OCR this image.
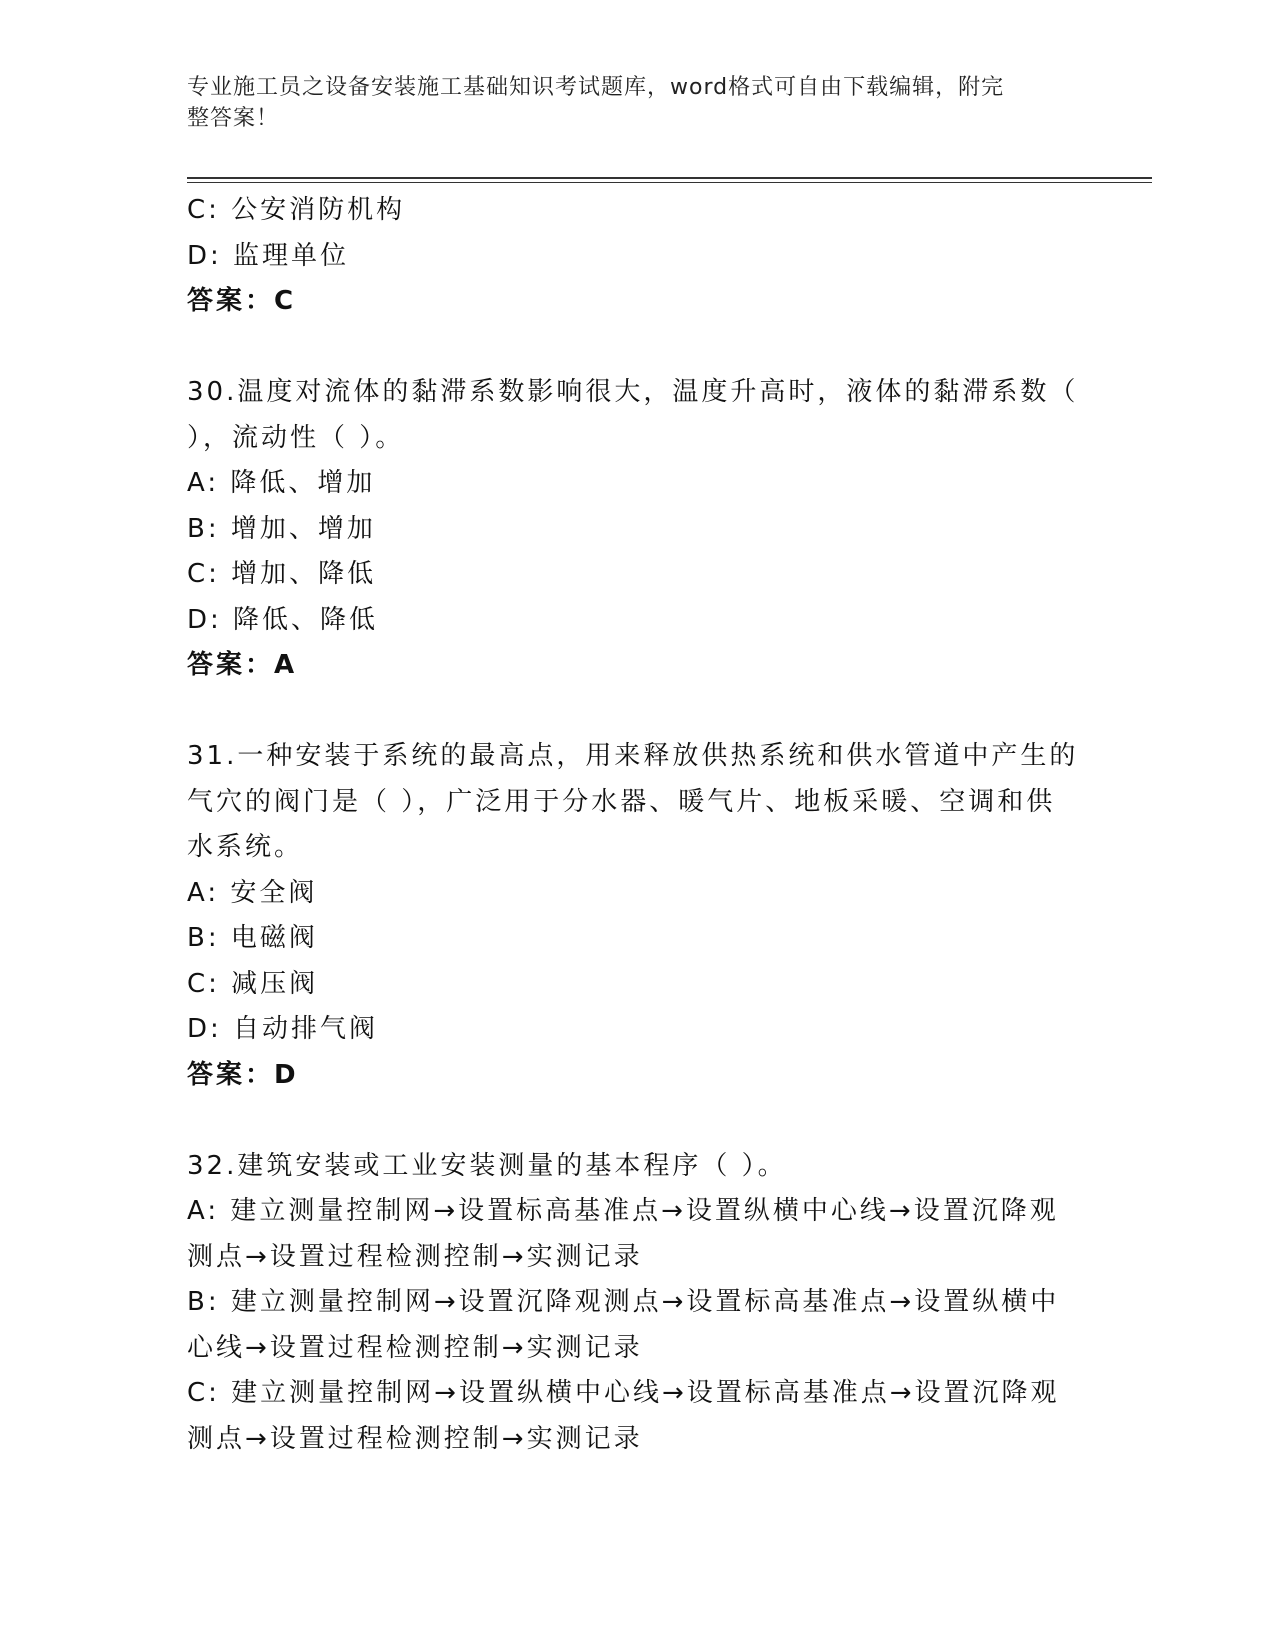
专业施工员之设备安装施工基础知识考试题库，word格式可自由下载编辑，附完
整答案！
C: 公安消防机构
D: 监理单位
答案：C
30.温度对流体的黏滞系数影响很大，温度升高时，液体的黏滞系数（
），流动性（ ）。
A: 降低、增加
B: 增加、增加
C: 增加、降低
D: 降低、降低
答案：A
31.一种安装于系统的最高点，用来释放供热系统和供水管道中产生的
气穴的阀门是（ ），广泛用于分水器、暖气片、地板采暖、空调和供
水系统。
A: 安全阀
B: 电磁阀
C: 减压阀
D: 自动排气阀
答案：D
32.建筑安装或工业安装测量的基本程序（ ）。
A: 建立测量控制网→设置标高基准点→设置纵横中心线→设置沉降观
测点→设置过程检测控制→实测记录
B: 建立测量控制网→设置沉降观测点→设置标高基准点→设置纵横中
心线→设置过程检测控制→实测记录
C: 建立测量控制网→设置纵横中心线→设置标高基准点→设置沉降观
测点→设置过程检测控制→实测记录
